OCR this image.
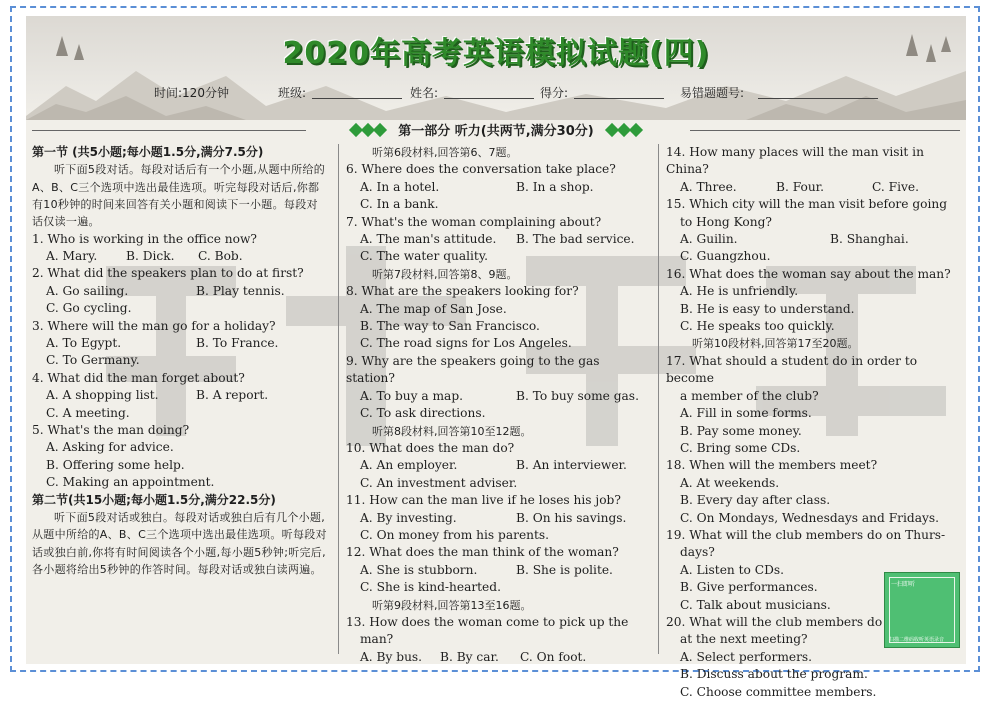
2020年高考英语模拟试题(四)
时间:120分钟	班级:	姓名:	得分:	易错题题号:
第一部分 听力(共两节,满分30分)
第一节 (共5小题;每小题1.5分,满分7.5分)
听下面5段对话。每段对话后有一个小题,从题中所给的A、B、C三个选项中选出最佳选项。听完每段对话后,你都有10秒钟的时间来回答有关小题和阅读下一小题。每段对话仅读一遍。
1. Who is working in the office now?
A. Mary. B. Dick. C. Bob.
2. What did the speakers plan to do at first?
A. Go sailing.	B. Play tennis.
C. Go cycling.
3. Where will the man go for a holiday?
A. To Egypt.	B. To France.
C. To Germany.
4. What did the man forget about?
A. A shopping list.	B. A report.
C. A meeting.
5. What's the man doing?
A. Asking for advice.
B. Offering some help.
C. Making an appointment.
第二节(共15小题;每小题1.5分,满分22.5分)
听下面5段对话或独白。每段对话或独白后有几个小题,从题中所给的A、B、C三个选项中选出最佳选项。听每段对话或独白前,你将有时间阅读各个小题,每小题5秒钟;听完后,各小题将给出5秒钟的作答时间。每段对话或独白读两遍。
听第6段材料,回答第6、7题。
6. Where does the conversation take place?
A. In a hotel.	B. In a shop.
C. In a bank.
7. What's the woman complaining about?
A. The man's attitude. B. The bad service.
C. The water quality.
听第7段材料,回答第8、9题。
8. What are the speakers looking for?
A. The map of San Jose.
B. The way to San Francisco.
C. The road signs for Los Angeles.
9. Why are the speakers going to the gas station?
A. To buy a map.	B. To buy some gas.
C. To ask directions.
听第8段材料,回答第10至12题。
10. What does the man do?
A. An employer.	B. An interviewer.
C. An investment adviser.
11. How can the man live if he loses his job?
A. By investing.	B. On his savings.
C. On money from his parents.
12. What does the man think of the woman?
A. She is stubborn.	B. She is polite.
C. She is kind-hearted.
听第9段材料,回答第13至16题。
13. How does the woman come to pick up the
man?
A. By bus. B. By car. C. On foot.
14. How many places will the man visit in China?
A. Three.	B. Four.	C. Five.
15. Which city will the man visit before going
to Hong Kong?
A. Guilin.	B. Shanghai.
C. Guangzhou.
16. What does the woman say about the man?
A. He is unfriendly.
B. He is easy to understand.
C. He speaks too quickly.
听第10段材料,回答第17至20题。
17. What should a student do in order to become
a member of the club?
A. Fill in some forms.
B. Pay some money.
C. Bring some CDs.
18. When will the members meet?
A. At weekends.
B. Every day after class.
C. On Mondays, Wednesdays and Fridays.
19. What will the club members do on Thurs-
days?
A. Listen to CDs.
B. Give performances.
C. Talk about musicians.
20. What will the club members do
at the next meeting?
A. Select performers.
B. Discuss about the program.
C. Choose committee members.
一扫即听
扫描二维码收听英语录音
